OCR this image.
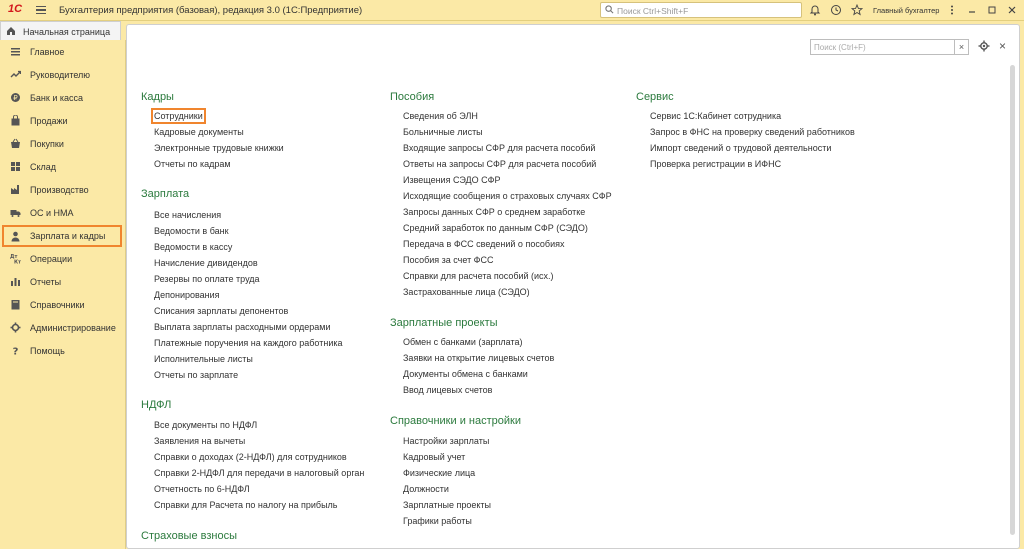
1С	Бухгалтерия предприятия (базовая), редакция 3.0 (1С:Предприятие)	Поиск Ctrl+Shift+F	Главный бухгалтер
Начальная страница
Главное
Руководителю
₽ Банк и касса
Продажи
Покупки
Склад
Производство
ОС и НМА
Зарплата и кадры
Дт
Кт Операции
Отчеты
Справочники
Администрирование
? Помощь
Поиск (Ctrl+F)	×	×
Кадры
Сотрудники
Кадровые документы
Электронные трудовые книжки
Отчеты по кадрам
Зарплата
Все начисления
Ведомости в банк
Ведомости в кассу
Начисление дивидендов
Резервы по оплате труда
Депонирования
Списания зарплаты депонентов
Выплата зарплаты расходными ордерами
Платежные поручения на каждого работника
Исполнительные листы
Отчеты по зарплате
НДФЛ
Все документы по НДФЛ
Заявления на вычеты
Справки о доходах (2-НДФЛ) для сотрудников
Справки 2-НДФЛ для передачи в налоговый орган
Отчетность по 6-НДФЛ
Справки для Расчета по налогу на прибыль
Страховые взносы
Пособия
Сведения об ЭЛН
Больничные листы
Входящие запросы СФР для расчета пособий
Ответы на запросы СФР для расчета пособий
Извещения СЭДО СФР
Исходящие сообщения о страховых случаях СФР
Запросы данных СФР о среднем заработке
Средний заработок по данным СФР (СЭДО)
Передача в ФСС сведений о пособиях
Пособия за счет ФСС
Справки для расчета пособий (исх.)
Застрахованные лица (СЭДО)
Зарплатные проекты
Обмен с банками (зарплата)
Заявки на открытие лицевых счетов
Документы обмена с банками
Ввод лицевых счетов
Справочники и настройки
Настройки зарплаты
Кадровый учет
Физические лица
Должности
Зарплатные проекты
Графики работы
Сервис
Сервис 1С:Кабинет сотрудника
Запрос в ФНС на проверку сведений работников
Импорт сведений о трудовой деятельности
Проверка регистрации в ИФНС
